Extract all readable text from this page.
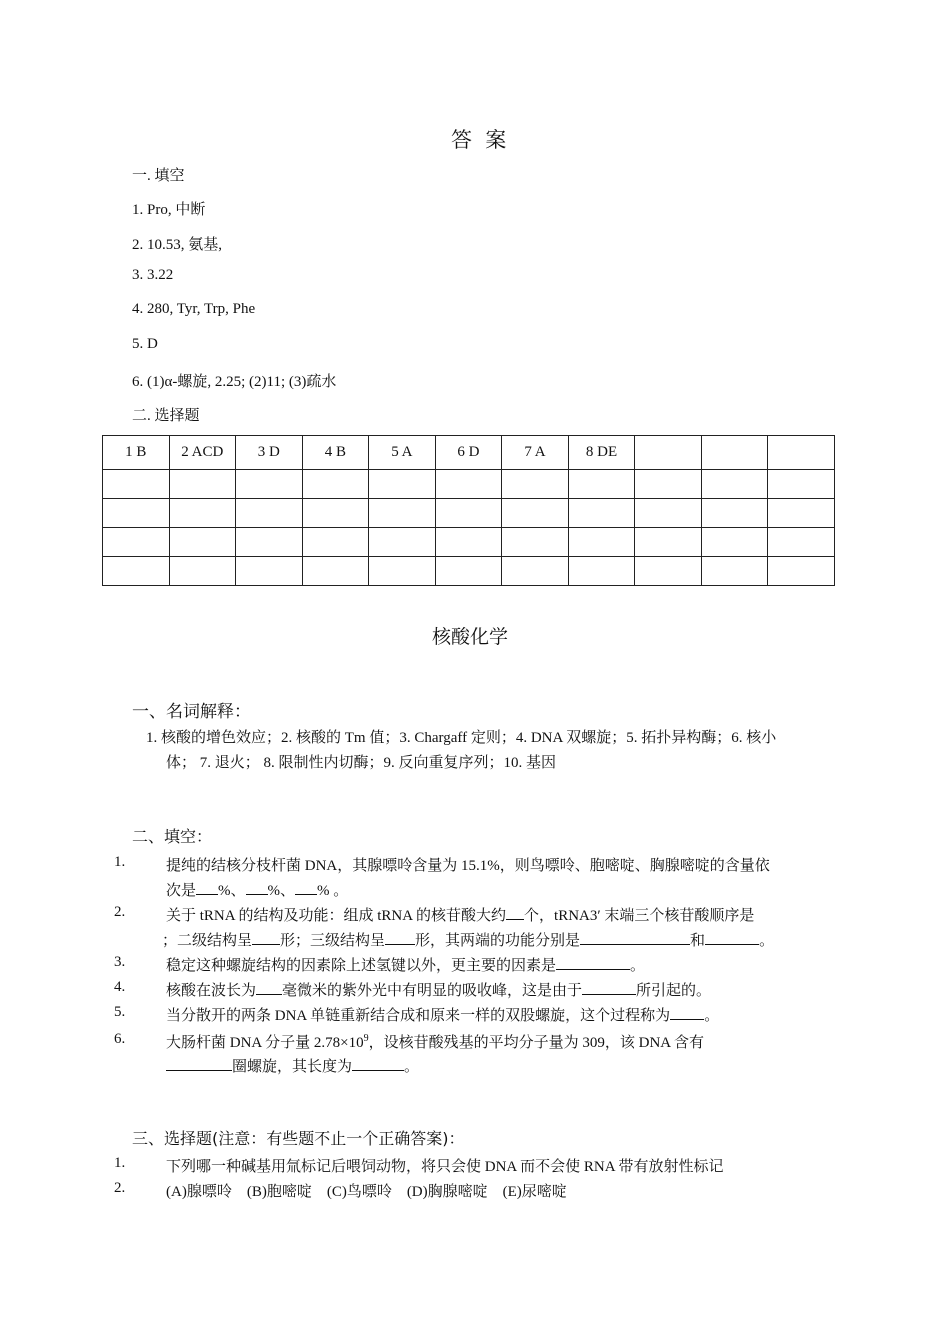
答 案
一. 填空
1. Pro, 中断
2. 10.53, 氨基,
3. 3.22
4. 280, Tyr, Trp, Phe
5. D
6. (1)α-螺旋, 2.25; (2)11; (3)疏水
二. 选择题
1 B	2 ACD	3 D	4 B	5 A	6 D	7 A	8 DE			

核酸化学
一、名词解释：
1. 核酸的增色效应；2. 核酸的 Tm 值；3. Chargaff 定则；4. DNA 双螺旋；5. 拓扑异构酶；6. 核小
体； 7. 退火； 8. 限制性内切酶；9. 反向重复序列；10. 基因
二、填空：
1.	提纯的结核分枝杆菌 DNA，其腺嘌呤含量为 15.1%，则鸟嘌呤、胞嘧啶、胸腺嘧啶的含量依
次是 %、 %、 % 。
2.	关于 tRNA 的结构及功能：组成 tRNA 的核苷酸大约 个，tRNA3′ 末端三个核苷酸顺序是
；二级结构呈 形；三级结构呈 形，其两端的功能分别是	和	。
3.	稳定这种螺旋结构的因素除上述氢键以外，更主要的因素是	。
4.	核酸在波长为 毫微米的紫外光中有明显的吸收峰，这是由于	所引起的。
5.	当分散开的两条 DNA 单链重新结合成和原来一样的双股螺旋，这个过程称为 。
6.	大肠杆菌 DNA 分子量 $2.78\times 10^9$，设核苷酸残基的平均分子量为 309，该 DNA 含有
圈螺旋，其长度为	。
三、选择题(注意：有些题不止一个正确答案)：
1.	下列哪一种碱基用氚标记后喂饲动物，将只会使 DNA 而不会使 RNA 带有放射性标记
2.	(A)腺嘌呤　(B)胞嘧啶　(C)鸟嘌呤　(D)胸腺嘧啶　(E)尿嘧啶
